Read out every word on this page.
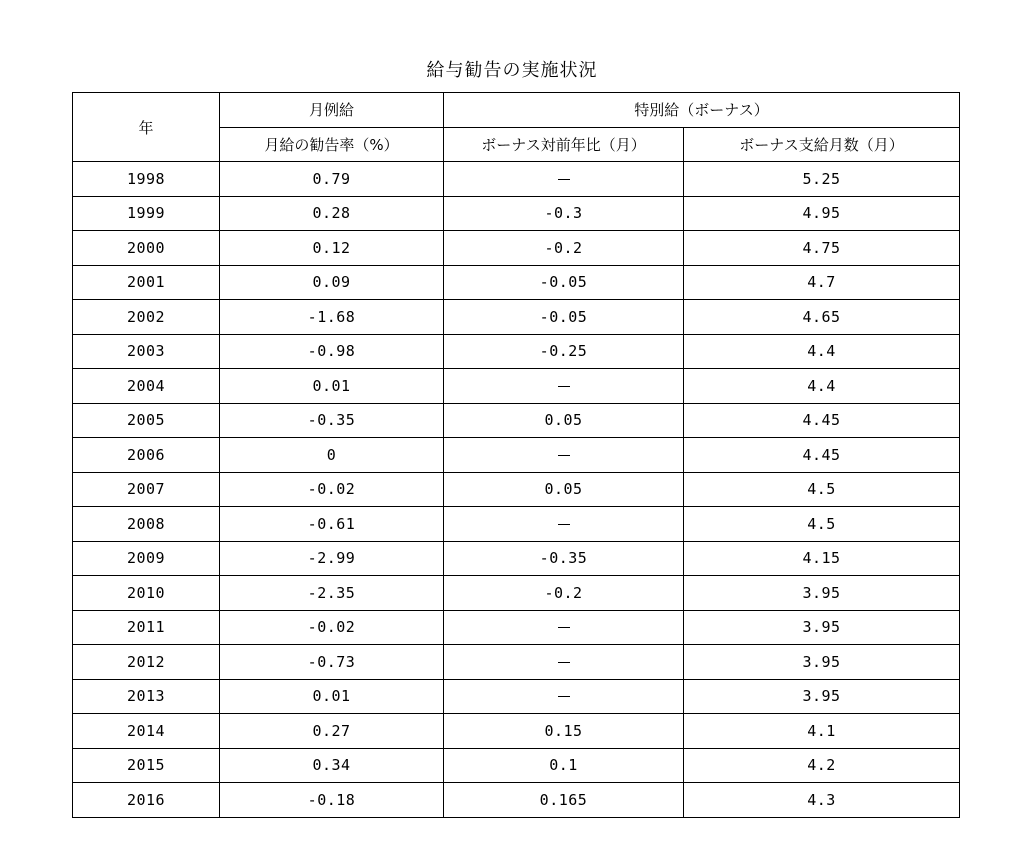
給与勧告の実施状況
年	月例給	特別給（ボーナス）	
	月給の勧告率（%）	ボーナス対前年比（月）	ボーナス支給月数（月）
1998	0.79		5.25
1999	0.28	-0.3	4.95
2000	0.12	-0.2	4.75
2001	0.09	-0.05	4.7
2002	-1.68	-0.05	4.65
2003	-0.98	-0.25	4.4
2004	0.01		4.4
2005	-0.35	0.05	4.45
2006	0		4.45
2007	-0.02	0.05	4.5
2008	-0.61		4.5
2009	-2.99	-0.35	4.15
2010	-2.35	-0.2	3.95
2011	-0.02		3.95
2012	-0.73		3.95
2013	0.01		3.95
2014	0.27	0.15	4.1
2015	0.34	0.1	4.2
2016	-0.18	0.165	4.3
